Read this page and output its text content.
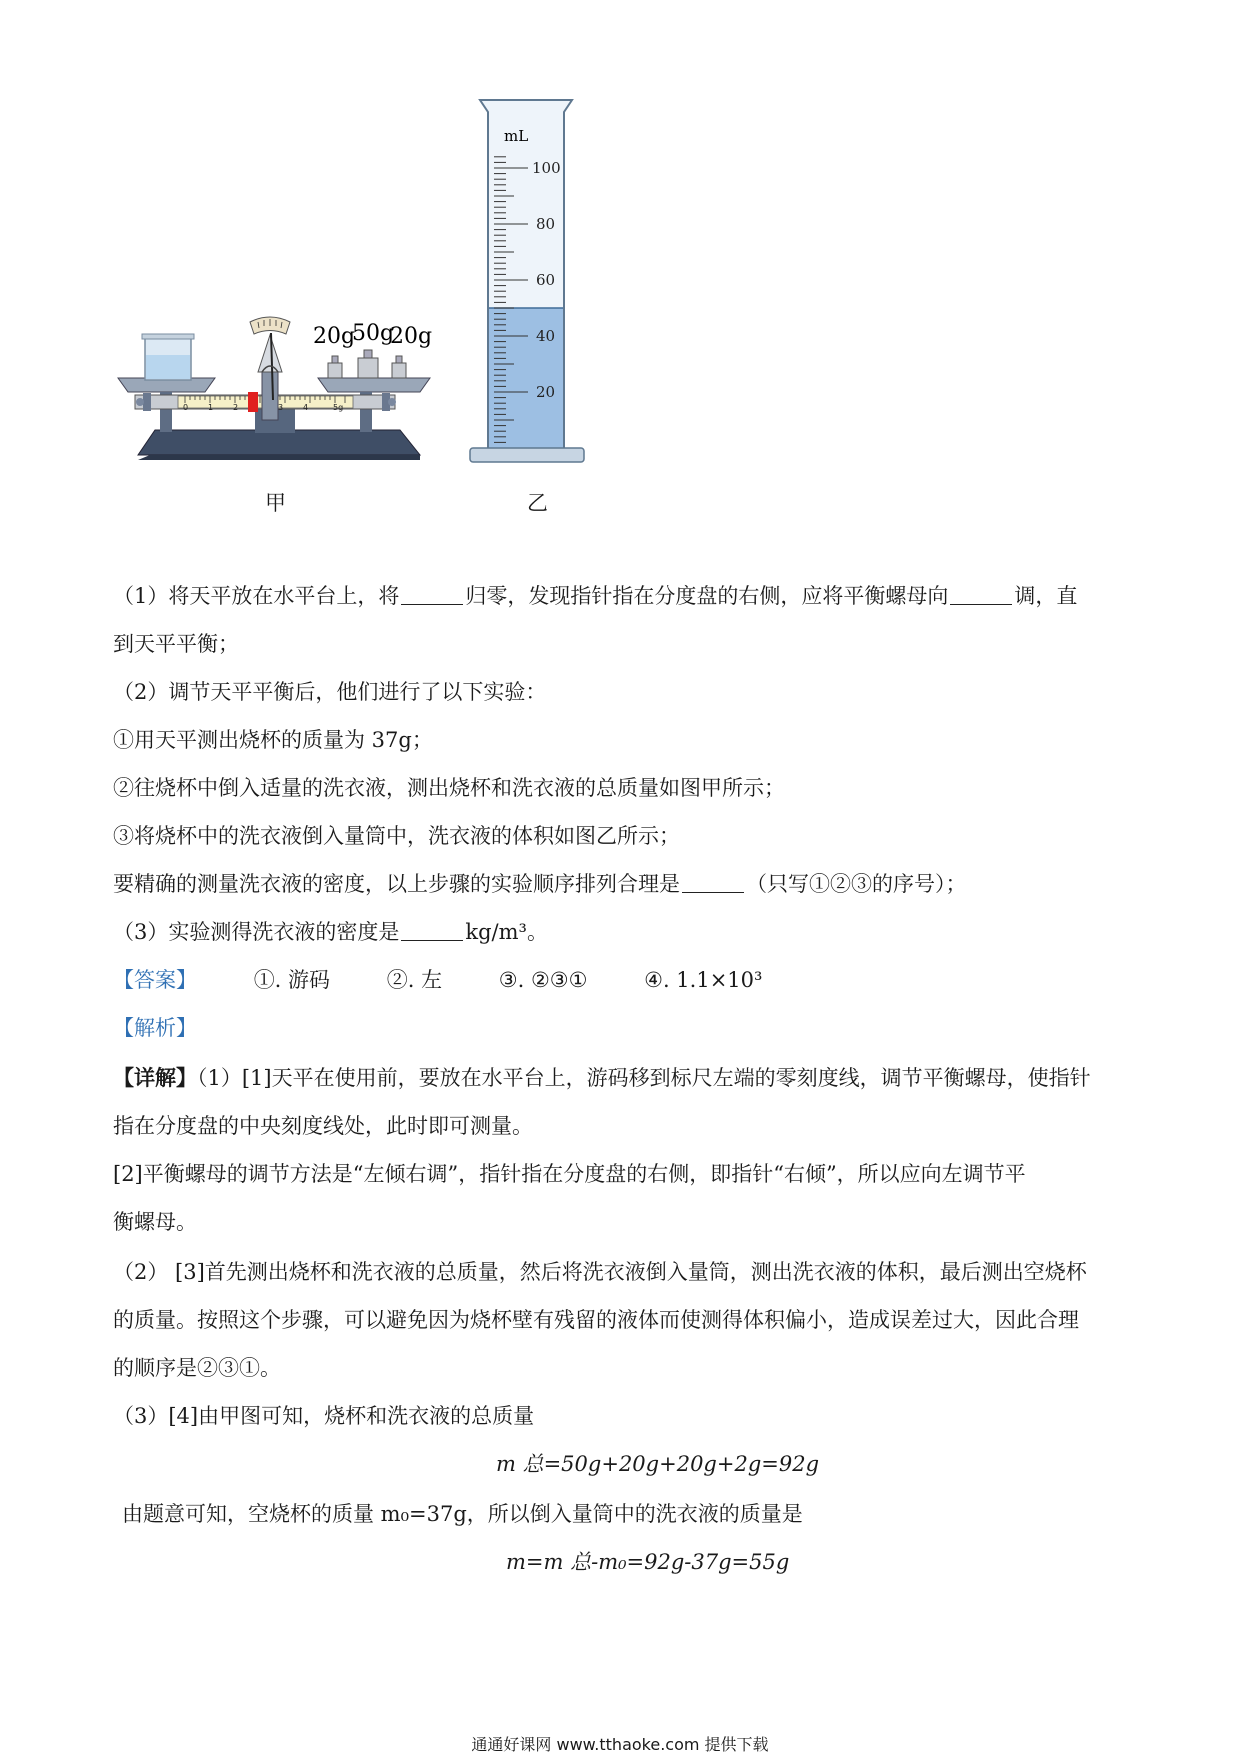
20g
50g
20g
0 1 2	3 4	5g
mL
100
80
60
40
20
甲	乙
（1）将天平放在水平台上，将	归零，发现指针指在分度盘的右侧，应将平衡螺母向	调，直
到天平平衡；
（2）调节天平平衡后，他们进行了以下实验：
①用天平测出烧杯的质量为 37g；
②往烧杯中倒入适量的洗衣液，测出烧杯和洗衣液的总质量如图甲所示；
③将烧杯中的洗衣液倒入量筒中，洗衣液的体积如图乙所示；
要精确的测量洗衣液的密度，以上步骤的实验顺序排列合理是	（只写①②③的序号）；
（3）实验测得洗衣液的密度是	kg/m³。
【答案】	①. 游码	②. 左	③. ②③①	④. 1.1×10³
【解析】
【详解】（1）[1]天平在使用前，要放在水平台上，游码移到标尺左端的零刻度线，调节平衡螺母，使指针
指在分度盘的中央刻度线处，此时即可测量。
[2]平衡螺母的调节方法是“左倾右调”，指针指在分度盘的右侧，即指针“右倾”，所以应向左调节平
衡螺母。
（2） [3]首先测出烧杯和洗衣液的总质量，然后将洗衣液倒入量筒，测出洗衣液的体积，最后测出空烧杯
的质量。按照这个步骤，可以避免因为烧杯壁有残留的液体而使测得体积偏小，造成误差过大，因此合理
的顺序是②③①。
（3）[4]由甲图可知，烧杯和洗衣液的总质量
m 总=50g+20g+20g+2g=92g
由题意可知，空烧杯的质量 m₀=37g，所以倒入量筒中的洗衣液的质量是
m=m 总-m₀=92g-37g=55g
通通好课网 www.tthaoke.com 提供下载
